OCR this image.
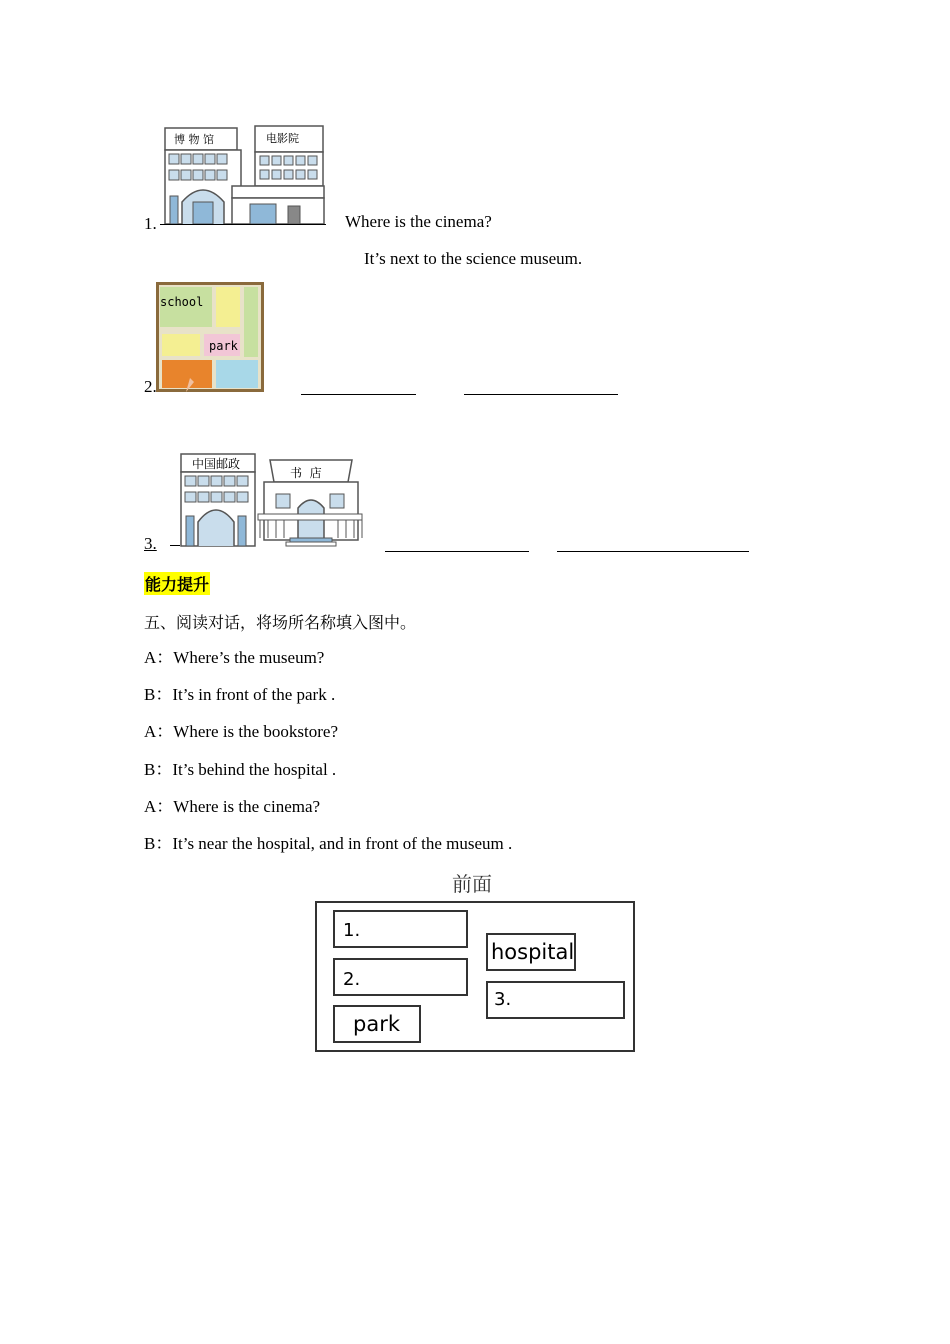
博 物 馆	电影院
1.	Where is the cinema?
It’s next to the science museum.
school
park
2.
中国邮政
书  店
3.
能力提升
五、阅读对话，将场所名称填入图中。
A：Where’s the museum?
B：It’s in front of the park .
A：Where is the bookstore?
B：It’s behind the hospital .
A：Where is the cinema?
B：It’s near the hospital, and in front of the museum .
前面
1.
2.
park
hospital
3.
